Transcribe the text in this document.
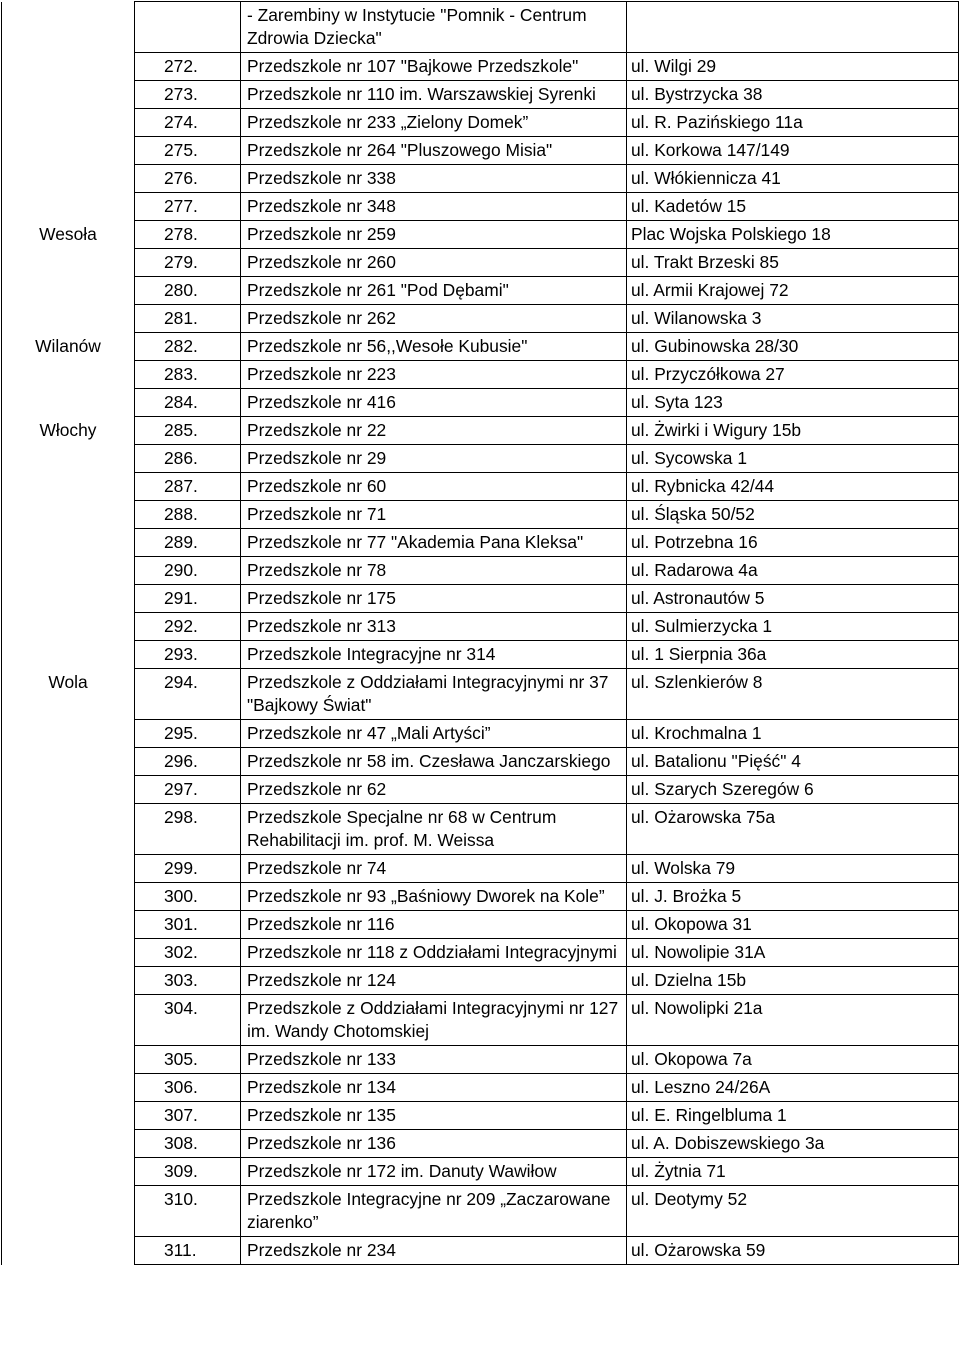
		- Zarembiny w Instytucie "Pomnik - Centrum Zdrowia Dziecka"	
	272.	Przedszkole nr 107 "Bajkowe Przedszkole"	ul. Wilgi 29
	273.	Przedszkole nr 110 im. Warszawskiej Syrenki	ul. Bystrzycka 38
	274.	Przedszkole nr 233 „Zielony Domek”	ul. R. Pazińskiego 11a
	275.	Przedszkole nr 264 "Pluszowego Misia"	ul. Korkowa 147/149
	276.	Przedszkole nr 338	ul. Włókiennicza 41
	277.	Przedszkole nr 348	ul. Kadetów 15

Wesoła	278.	Przedszkole nr 259	Plac Wojska Polskiego 18
	279.	Przedszkole nr 260	ul. Trakt Brzeski 85
	280.	Przedszkole nr 261 "Pod Dębami"	ul. Armii Krajowej 72
	281.	Przedszkole nr 262	ul. Wilanowska 3

Wilanów	282.	Przedszkole nr 56,,Wesołe Kubusie"	ul. Gubinowska 28/30
	283.	Przedszkole nr 223	ul. Przyczółkowa 27
	284.	Przedszkole nr 416	ul. Syta 123

Włochy	285.	Przedszkole nr 22	ul. Żwirki i Wigury 15b
	286.	Przedszkole nr 29	ul. Sycowska 1
	287.	Przedszkole nr 60	ul. Rybnicka 42/44
	288.	Przedszkole nr 71	ul. Śląska 50/52
	289.	Przedszkole nr 77 "Akademia Pana Kleksa"	ul. Potrzebna 16
	290.	Przedszkole nr 78	ul. Radarowa 4a
	291.	Przedszkole nr 175	ul. Astronautów 5
	292.	Przedszkole nr 313	ul. Sulmierzycka 1
	293.	Przedszkole Integracyjne nr 314	ul. 1 Sierpnia 36a

Wola	294.	Przedszkole z Oddziałami Integracyjnymi nr 37 "Bajkowy Świat"	ul. Szlenkierów 8
	295.	Przedszkole nr 47 „Mali Artyści”	ul. Krochmalna 1
	296.	Przedszkole nr 58 im. Czesława Janczarskiego	ul. Batalionu "Pięść" 4
	297.	Przedszkole nr 62	ul. Szarych Szeregów 6
	298.	Przedszkole Specjalne nr 68 w Centrum Rehabilitacji im. prof. M. Weissa	ul. Ożarowska 75a
	299.	Przedszkole nr 74	ul. Wolska 79
	300.	Przedszkole nr 93 „Baśniowy Dworek na Kole”	ul. J. Brożka 5
	301.	Przedszkole nr 116	ul. Okopowa 31
	302.	Przedszkole nr 118 z Oddziałami Integracyjnymi	ul. Nowolipie 31A
	303.	Przedszkole nr 124	ul. Dzielna 15b
	304.	Przedszkole z Oddziałami Integracyjnymi nr 127 im. Wandy Chotomskiej	ul. Nowolipki 21a
	305.	Przedszkole nr 133	ul. Okopowa 7a
	306.	Przedszkole nr 134	ul. Leszno 24/26A
	307.	Przedszkole nr 135	ul. E. Ringelbluma 1
	308.	Przedszkole nr 136	ul. A. Dobiszewskiego 3a
	309.	Przedszkole nr 172 im. Danuty Wawiłow	ul. Żytnia 71
	310.	Przedszkole Integracyjne nr 209 „Zaczarowane ziarenko”	ul. Deotymy 52
	311.	Przedszkole nr 234	ul. Ożarowska 59
